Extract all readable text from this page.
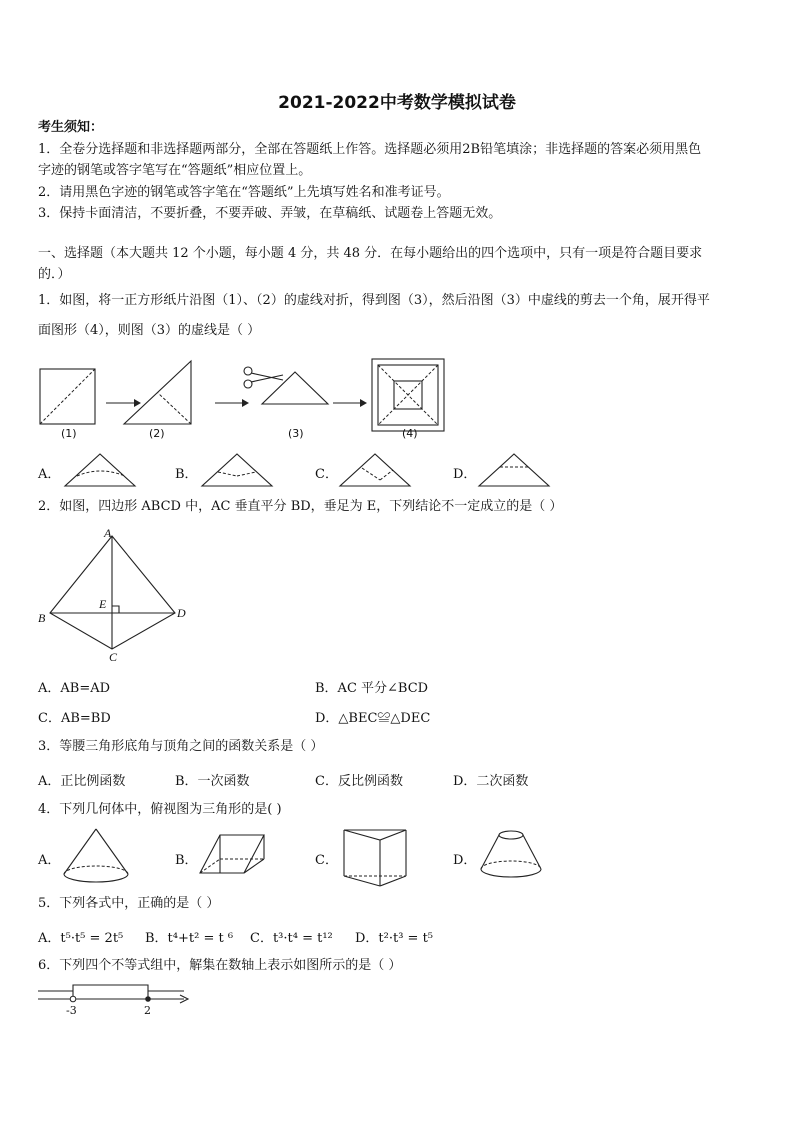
2021-2022中考数学模拟试卷
考生须知：
1．全卷分选择题和非选择题两部分，全部在答题纸上作答。选择题必须用2B铅笔填涂；非选择题的答案必须用黑色
字迹的钢笔或答字笔写在“答题纸”相应位置上。
2．请用黑色字迹的钢笔或答字笔在“答题纸”上先填写姓名和准考证号。
3．保持卡面清洁，不要折叠，不要弄破、弄皱，在草稿纸、试题卷上答题无效。
一、选择题（本大题共 12 个小题，每小题 4 分，共 48 分．在每小题给出的四个选项中，只有一项是符合题目要求
的．）
1．如图，将一正方形纸片沿图（1）、（2）的虚线对折，得到图（3），然后沿图（3）中虚线的剪去一个角，展开得平
面图形（4），则图（3）的虚线是（ ）
(1)	(2)	(3)	(4)
A．	B．	C．	D．
2．如图，四边形 ABCD 中，AC 垂直平分 BD，垂足为 E，下列结论不一定成立的是（ ）
A
B
C
D
E
A．AB=AD	B．AC 平分∠BCD
C．AB=BD	D．△BEC≌△DEC
3．等腰三角形底角与顶角之间的函数关系是（ ）
A．正比例函数	B．一次函数	C．反比例函数	D．二次函数
4．下列几何体中，俯视图为三角形的是( )
A．	B．	C．	D．
5．下列各式中，正确的是（ ）
A．t⁵·t⁵ = 2t⁵ B．t⁴+t² = t ⁶ C．t³·t⁴ = t¹² D．t²·t³ = t⁵
6．下列四个不等式组中，解集在数轴上表示如图所示的是（ ）
-3	2
